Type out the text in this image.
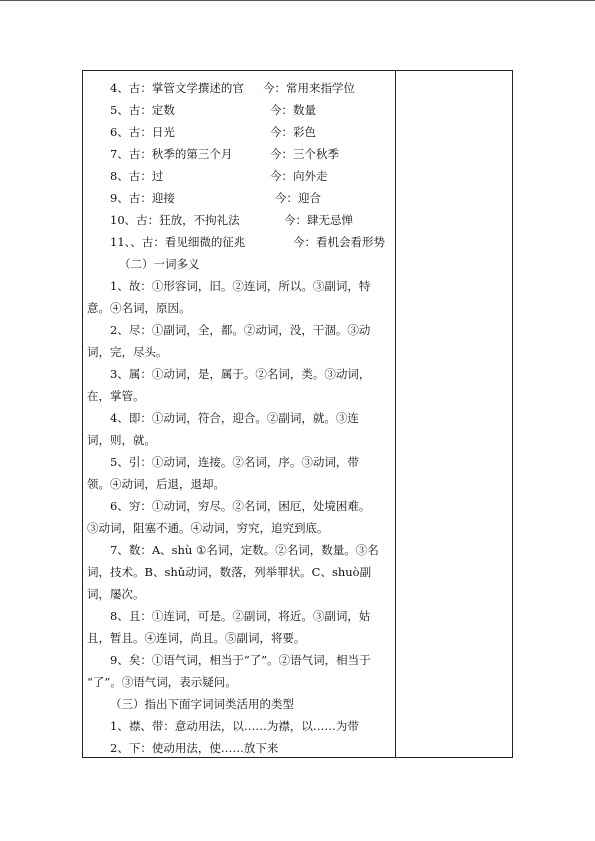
4、古：掌管文学撰述的官 今：常用来指学位
5、古：定数	今：数量
6、古：日光	今：彩色
7、古：秋季的第三个月	今：三个秋季
8、古：过	今：向外走
9、古：迎接	今：迎合
10、古：狂放，不拘礼法	今：肆无忌惮
11、、古：看见细微的征兆	今：看机会看形势
（二）一词多义
1、故：①形容词，旧。②连词，所以。③副词，特
意。④名词，原因。
2、尽：①副词，全，都。②动词，没，干涸。③动
词，完，尽头。
3、属：①动词，是，属于。②名词，类。③动词，
在，掌管。
4、即：①动词，符合，迎合。②副词，就。③连
词，则，就。
5、引：①动词，连接。②名词，序。③动词，带
领。④动词，后退，退却。
6、穷：①动词，穷尽。②名词，困厄，处境困难。
③动词，阻塞不通。④动词，穷究，追究到底。
7、数：A、shù ①名词，定数。②名词，数量。③名
词，技术。B、shǔ动词，数落，列举罪状。C、shuò副
词，屡次。
8、且：①连词，可是。②副词，将近。③副词，姑
且，暂且。④连词，尚且。⑤副词，将要。
9、矣：①语气词，相当于“了”。②语气词，相当于
“了”。③语气词，表示疑问。
（三）指出下面字词词类活用的类型
1、襟、带：意动用法，以……为襟，以……为带
2、下：使动用法，使……放下来
